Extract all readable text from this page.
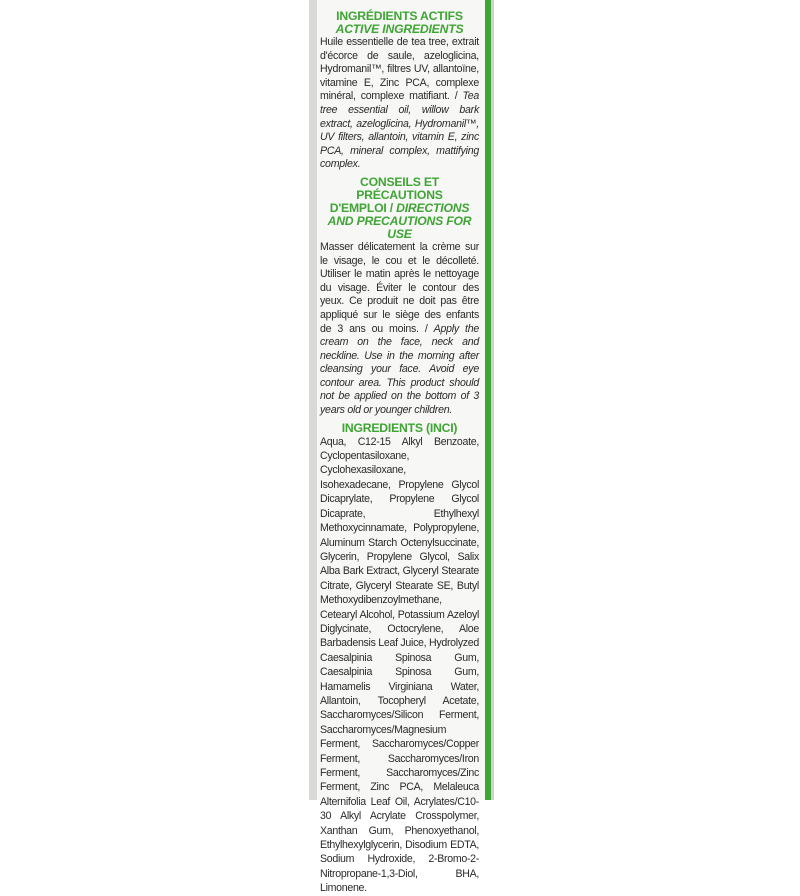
INGRÉDIENTS ACTIFS
ACTIVE INGREDIENTS

Huile essentielle de tea tree, extrait d'écorce de saule, azeloglicina, Hydromanil™, filtres UV, allantoïne, vitamine E, Zinc PCA, complexe minéral, complexe matifiant. / Tea tree essential oil, willow bark extract, azeloglicina, Hydromanil™, UV filters, allantoin, vitamin E, zinc PCA, mineral complex, mattifying complex.

CONSEILS ET PRÉCAUTIONS
D'EMPLOI / DIRECTIONS
AND PRECAUTIONS FOR USE

Masser délicatement la crème sur le visage, le cou et le décolleté. Utiliser le matin après le nettoyage du visage. Éviter le contour des yeux. Ce produit ne doit pas être appliqué sur le siège des enfants de 3 ans ou moins. / Apply the cream on the face, neck and neckline. Use in the morning after cleansing your face. Avoid eye contour area. This product should not be applied on the bottom of 3 years old or younger children.

INGREDIENTS (INCI)

Aqua, C12-15 Alkyl Benzoate, Cyclopentasiloxane, Cyclohexasiloxane, Isohexadecane, Propylene Glycol Dicaprylate, Propylene Glycol Dicaprate, Ethylhexyl Methoxycinnamate, Polypropylene, Aluminum Starch Octenylsuccinate, Glycerin, Propylene Glycol, Salix Alba Bark Extract, Glyceryl Stearate Citrate, Glyceryl Stearate SE, Butyl Methoxydibenzoylmethane, Cetearyl Alcohol, Potassium Azeloyl Diglycinate, Octocrylene, Aloe Barbadensis Leaf Juice, Hydrolyzed Caesalpinia Spinosa Gum, Caesalpinia Spinosa Gum, Hamamelis Virginiana Water, Allantoin, Tocopheryl Acetate, Saccharomyces/Silicon Ferment, Saccharomyces/Magnesium Ferment, Saccharomyces/Copper Ferment, Saccharomyces/Iron Ferment, Saccharomyces/Zinc Ferment, Zinc PCA, Melaleuca Alternifolia Leaf Oil, Acrylates/C10-30 Alkyl Acrylate Crosspolymer, Xanthan Gum, Phenoxyethanol, Ethylhexylglycerin, Disodium EDTA, Sodium Hydroxide, 2-Bromo-2-Nitropropane-1,3-Diol, BHA, Limonene.
